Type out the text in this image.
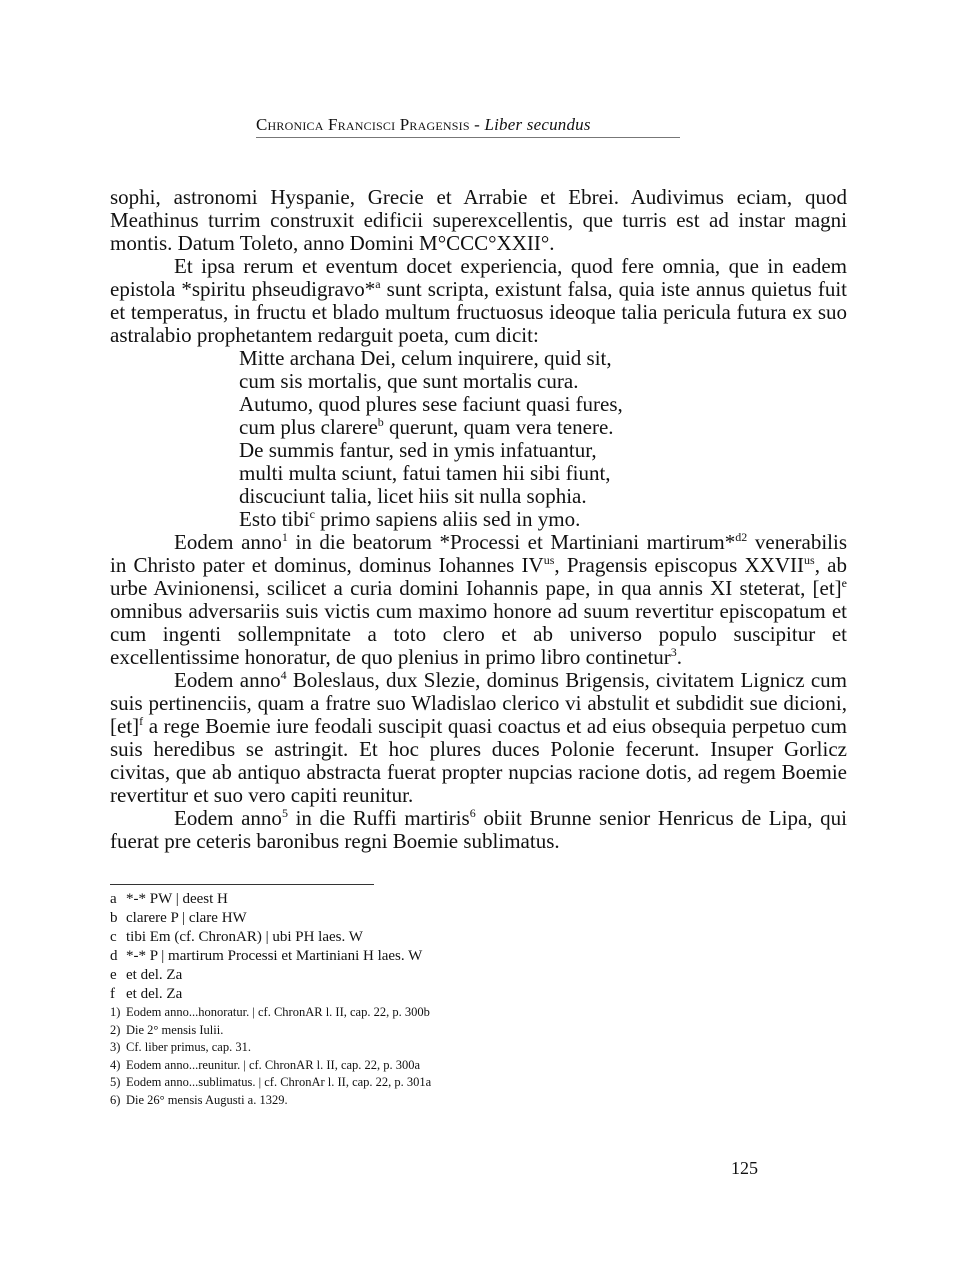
Chronica Francisci Pragensis - Liber secundus

sophi, astronomi Hyspanie, Grecie et Arrabie et Ebrei. Audivimus eciam, quod Meathinus turrim construxit edificii superexcellentis, que turris est ad instar magni montis. Datum Toleto, anno Domini M°CCC°XXII°.

Et ipsa rerum et eventum docet experiencia, quod fere omnia, que in eadem epistola *spiritu phseudigravo*$^a$ sunt scripta, existunt falsa, quia iste annus quietus fuit et temperatus, in fructu et blado multum fructuosus ideoque talia pericula futura ex suo astralabio prophetantem redarguit poeta, cum dicit:

Mitte archana Dei, celum inquirere, quid sit,
cum sis mortalis, que sunt mortalis cura.
Autumo, quod plures sese faciunt quasi fures,
cum plus clarere$^b$ querunt, quam vera tenere.
De summis fantur, sed in ymis infatuantur,
multi multa sciunt, fatui tamen hii sibi fiunt,
discuciunt talia, licet hiis sit nulla sophia.
Esto tibi$^c$ primo sapiens aliis sed in ymo.

Eodem anno$^1$ in die beatorum *Processi et Martiniani martirum*$^{d2}$ venerabilis in Christo pater et dominus, dominus Iohannes $IV^{us}$, Pragensis episcopus $XXVII^{us}$, ab urbe Avinionensi, scilicet a curia domini Iohannis pape, in qua annis XI steterat, [et]$^e$ omnibus adversariis suis victis cum maximo honore ad suum revertitur episcopatum et cum ingenti sollempnitate a toto clero et ab universo populo suscipitur et excellentissime honoratur, de quo plenius in primo libro continetur$^3$.

Eodem anno$^4$ Boleslaus, dux Slezie, dominus Brigensis, civitatem Lignicz cum suis pertinenciis, quam a fratre suo Wladislao clerico vi abstulit et subdidit sue dicioni, [et]$^f$ a rege Boemie iure feodali suscipit quasi coactus et ad eius obsequia perpetuo cum suis heredibus se astringit. Et hoc plures duces Polonie fecerunt. Insuper Gorlicz civitas, que ab antiquo abstracta fuerat propter nupcias racione dotis, ad regem Boemie revertitur et suo vero capiti reunitur.

Eodem anno$^5$ in die Ruffi martiris$^6$ obiit Brunne senior Henricus de Lipa, qui fuerat pre ceteris baronibus regni Boemie sublimatus.

a *-* PW | deest H
b clarere P | clare HW
c tibi Em (cf. ChronAR) | ubi PH laes. W
d *-* P | martirum Processi et Martiniani H laes. W
e et del. Za
f et del. Za
1) Eodem anno...honoratur. | cf. ChronAR l. II, cap. 22, p. 300b
2) Die 2° mensis Iulii.
3) Cf. liber primus, cap. 31.
4) Eodem anno...reunitur. | cf. ChronAR l. II, cap. 22, p. 300a
5) Eodem anno...sublimatus. | cf. ChronAr l. II, cap. 22, p. 301a
6) Die 26° mensis Augusti a. 1329.
125
